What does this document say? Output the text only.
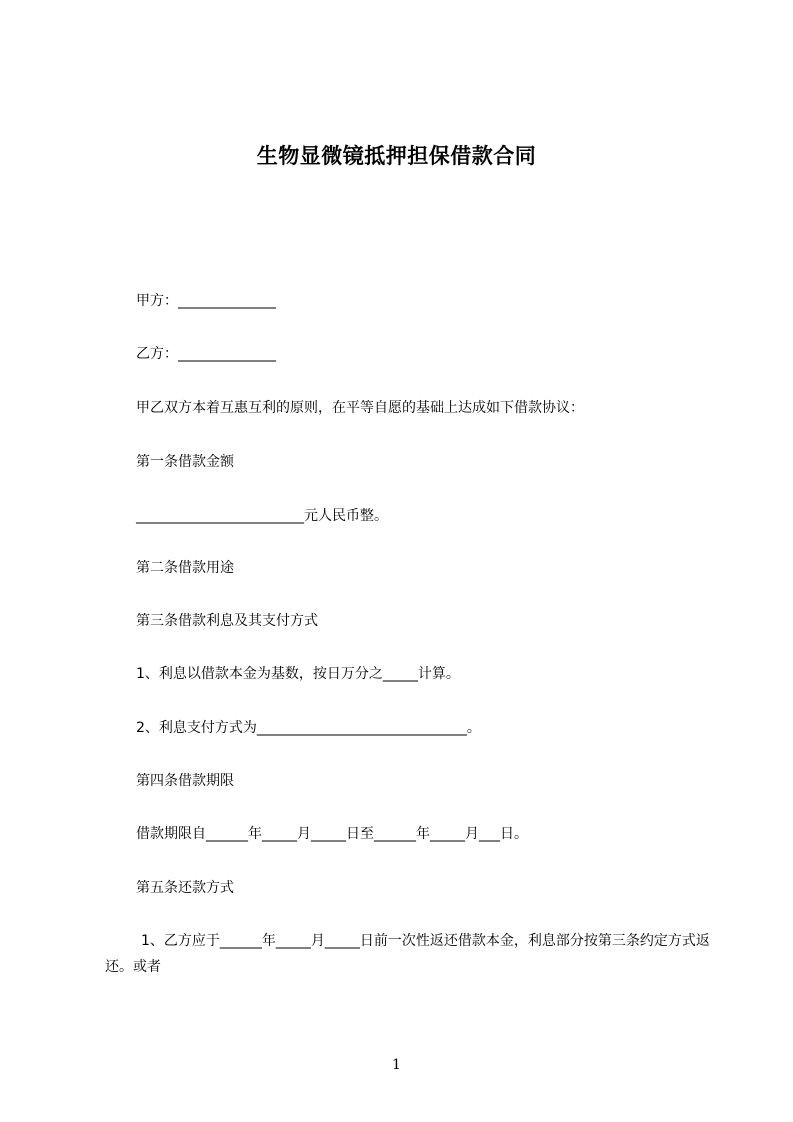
生物显微镜抵押担保借款合同
甲方：______________
乙方：______________
甲乙双方本着互惠互利的原则，在平等自愿的基础上达成如下借款协议：
第一条借款金额
________________________元人民币整。
第二条借款用途
第三条借款利息及其支付方式
1、利息以借款本金为基数，按日万分之_____计算。
2、利息支付方式为______________________________。
第四条借款期限
借款期限自______年_____月_____日至______年_____月___日。
第五条还款方式
1、乙方应于______年_____月_____日前一次性返还借款本金，利息部分按第三条约定方式返还。或者
1
